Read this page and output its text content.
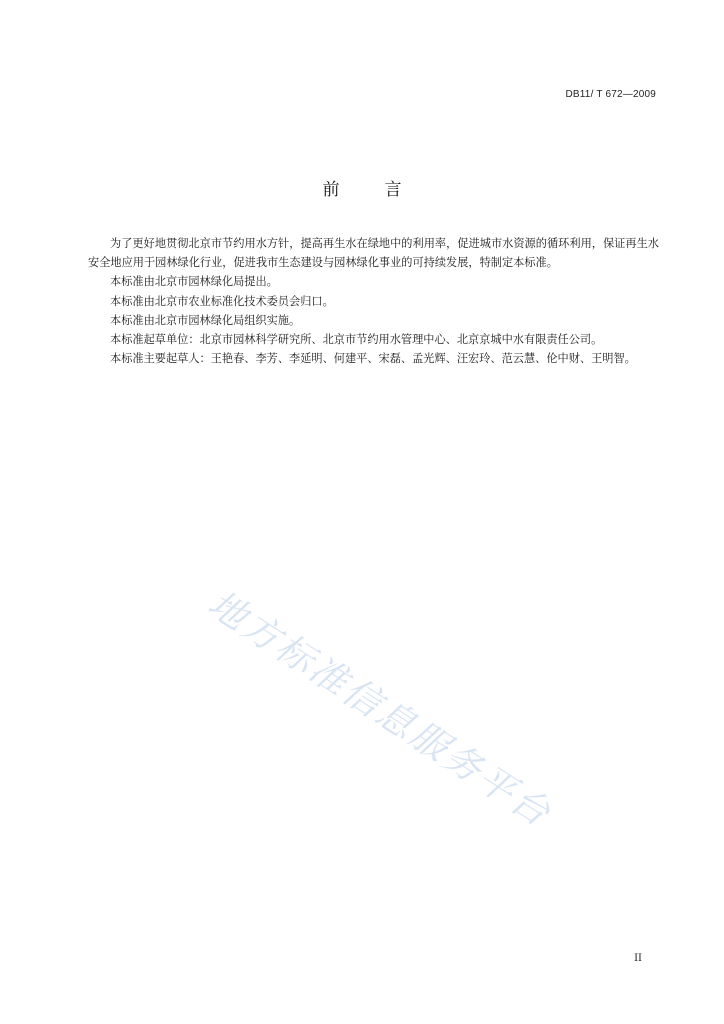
DB11/ T 672—2009
前　言

为了更好地贯彻北京市节约用水方针，提高再生水在绿地中的利用率，促进城市水资源的循环利用，保证再生水安全地应用于园林绿化行业，促进我市生态建设与园林绿化事业的可持续发展，特制定本标准。

本标准由北京市园林绿化局提出。

本标准由北京市农业标准化技术委员会归口。

本标准由北京市园林绿化局组织实施。

本标准起草单位：北京市园林科学研究所、北京市节约用水管理中心、北京京城中水有限责任公司。

本标准主要起草人：王艳春、李芳、李延明、何建平、宋磊、孟光辉、汪宏玲、范云慧、伦中财、王明智。

地方标准信息服务平台
II
